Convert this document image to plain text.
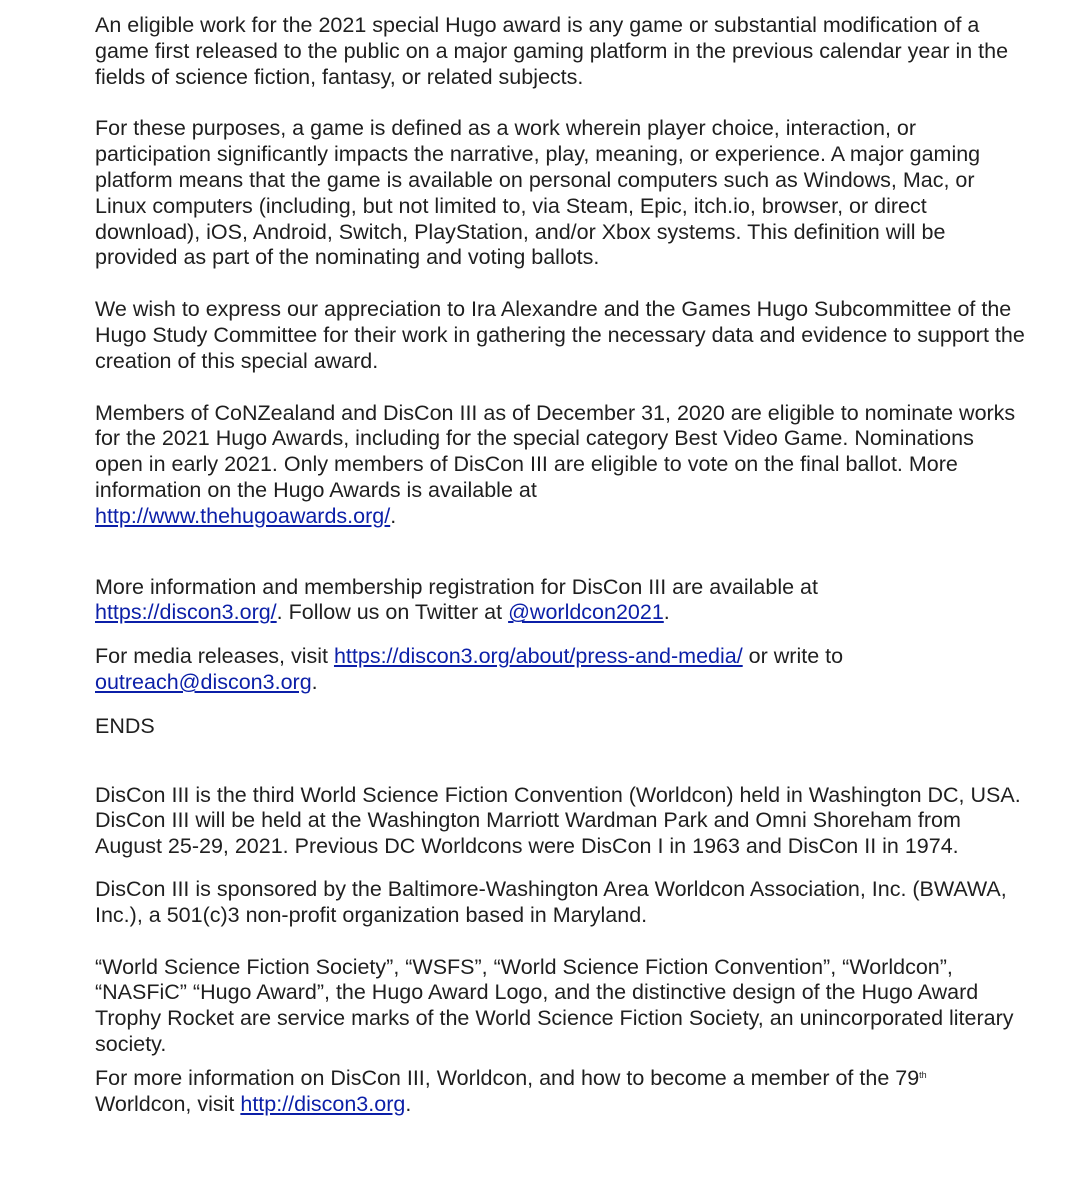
An eligible work for the 2021 special Hugo award is any game or substantial modification of a game first released to the public on a major gaming platform in the previous calendar year in the fields of science fiction, fantasy, or related subjects.

For these purposes, a game is defined as a work wherein player choice, interaction, or participation significantly impacts the narrative, play, meaning, or experience. A major gaming platform means that the game is available on personal computers such as Windows, Mac, or Linux computers (including, but not limited to, via Steam, Epic, itch.io, browser, or direct download), iOS, Android, Switch, PlayStation, and/or Xbox systems. This definition will be provided as part of the nominating and voting ballots.

We wish to express our appreciation to Ira Alexandre and the Games Hugo Subcommittee of the Hugo Study Committee for their work in gathering the necessary data and evidence to support the creation of this special award.

Members of CoNZealand and DisCon III as of December 31, 2020 are eligible to nominate works for the 2021 Hugo Awards, including for the special category Best Video Game. Nominations open in early 2021. Only members of DisCon III are eligible to vote on the final ballot. More information on the Hugo Awards is available at
http://www.thehugoawards.org/.

More information and membership registration for DisCon III are available at
https://discon3.org/. Follow us on Twitter at @worldcon2021.

For media releases, visit https://discon3.org/about/press-and-media/ or write to
outreach@discon3.org.

ENDS

DisCon III is the third World Science Fiction Convention (Worldcon) held in Washington DC, USA. DisCon III will be held at the Washington Marriott Wardman Park and Omni Shoreham from August 25-29, 2021. Previous DC Worldcons were DisCon I in 1963 and DisCon II in 1974.

DisCon III is sponsored by the Baltimore-Washington Area Worldcon Association, Inc. (BWAWA, Inc.), a 501(c)3 non-profit organization based in Maryland.

“World Science Fiction Society”, “WSFS”, “World Science Fiction Convention”, “Worldcon”, “NASFiC” “Hugo Award”, the Hugo Award Logo, and the distinctive design of the Hugo Award Trophy Rocket are service marks of the World Science Fiction Society, an unincorporated literary society.

For more information on DisCon III, Worldcon, and how to become a member of the 79th
Worldcon, visit http://discon3.org.
